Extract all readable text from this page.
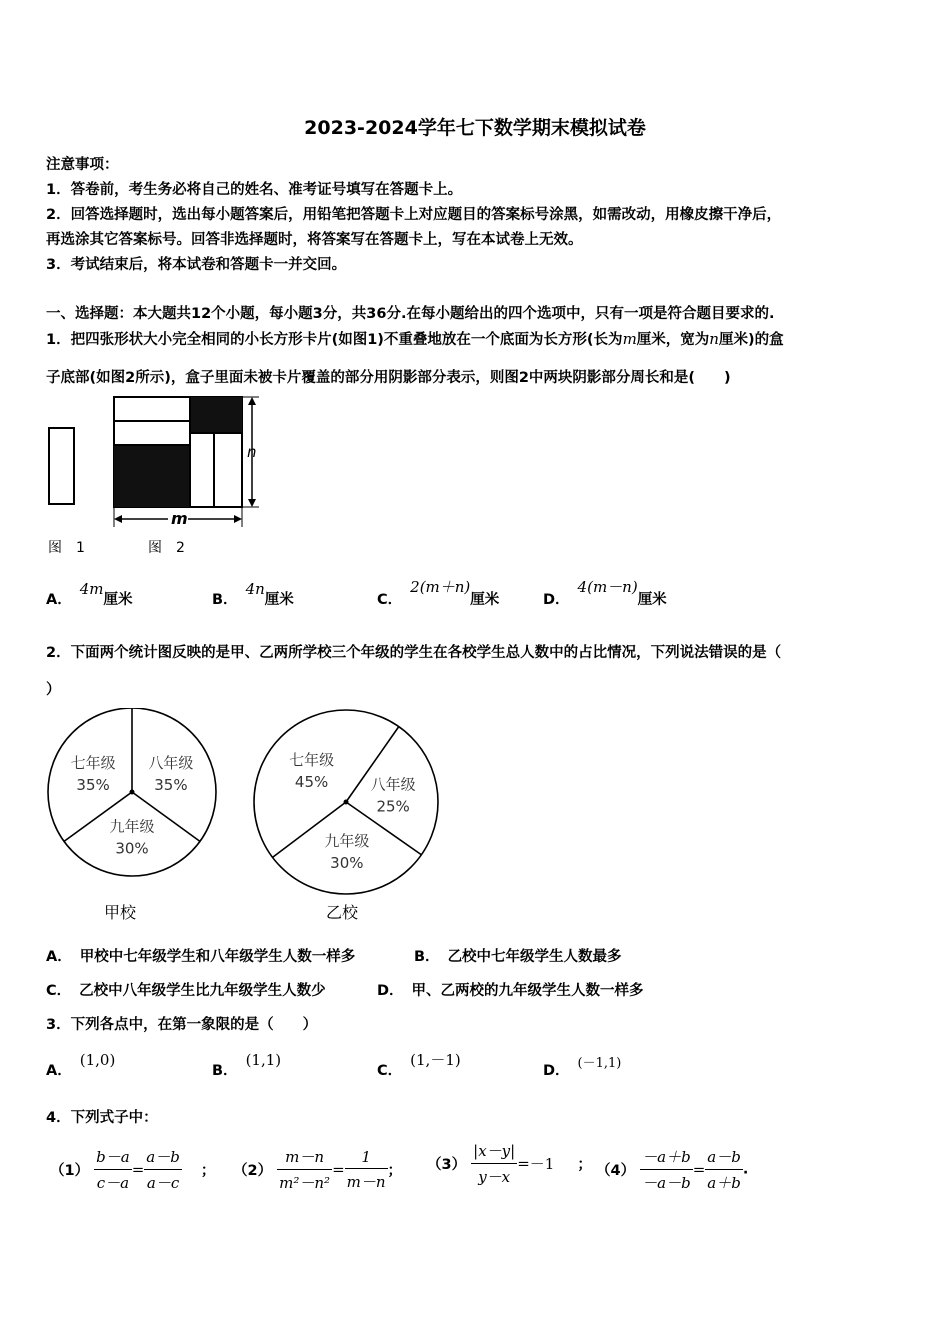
2023-2024学年七下数学期末模拟试卷
注意事项：
1．答卷前，考生务必将自己的姓名、准考证号填写在答题卡上。
2．回答选择题时，选出每小题答案后，用铅笔把答题卡上对应题目的答案标号涂黑，如需改动，用橡皮擦干净后，
再选涂其它答案标号。回答非选择题时，将答案写在答题卡上，写在本试卷上无效。
3．考试结束后，将本试卷和答题卡一并交回。
一、选择题：本大题共12个小题，每小题3分，共36分.在每小题给出的四个选项中，只有一项是符合题目要求的.
1．把四张形状大小完全相同的小长方形卡片(如图1)不重叠地放在一个底面为长方形(长为m厘米，宽为n厘米)的盒
子底部(如图2所示)，盒子里面未被卡片覆盖的部分用阴影部分表示，则图2中两块阴影部分周长和是(　　)
n
m
图　1	图　2
A．4m厘米	B．4n厘米	C．2(m＋n)厘米	D．4(m－n)厘米
2．下面两个统计图反映的是甲、乙两所学校三个年级的学生在各校学生总人数中的占比情况，下列说法错误的是（
）
八年级
35%
九年级
30%
七年级
35%	八年级
25%
九年级
30%
七年级
45%
甲校	乙校
A． 甲校中七年级学生和八年级学生人数一样多	B． 乙校中七年级学生人数最多
C． 乙校中八年级学生比九年级学生人数少	D． 甲、乙两校的九年级学生人数一样多
3．下列各点中，在第一象限的是（　　）
A．(1,0)
B．(1,1)
C．(1,－1)
D． (－1,1)
4．下列式子中：
$(1) \frac{b-a}{c-a} = \frac{a-b}{a-c}$ ； $(2) \frac{m-n}{\text{m²－n²}} = \frac{1}{m-n}$ ； $(3) \frac{|x-y|}{y-x} =-1$ ； $(4) \frac{-a+b}{-a-b} = \frac{a-b}{a+b}$ .
